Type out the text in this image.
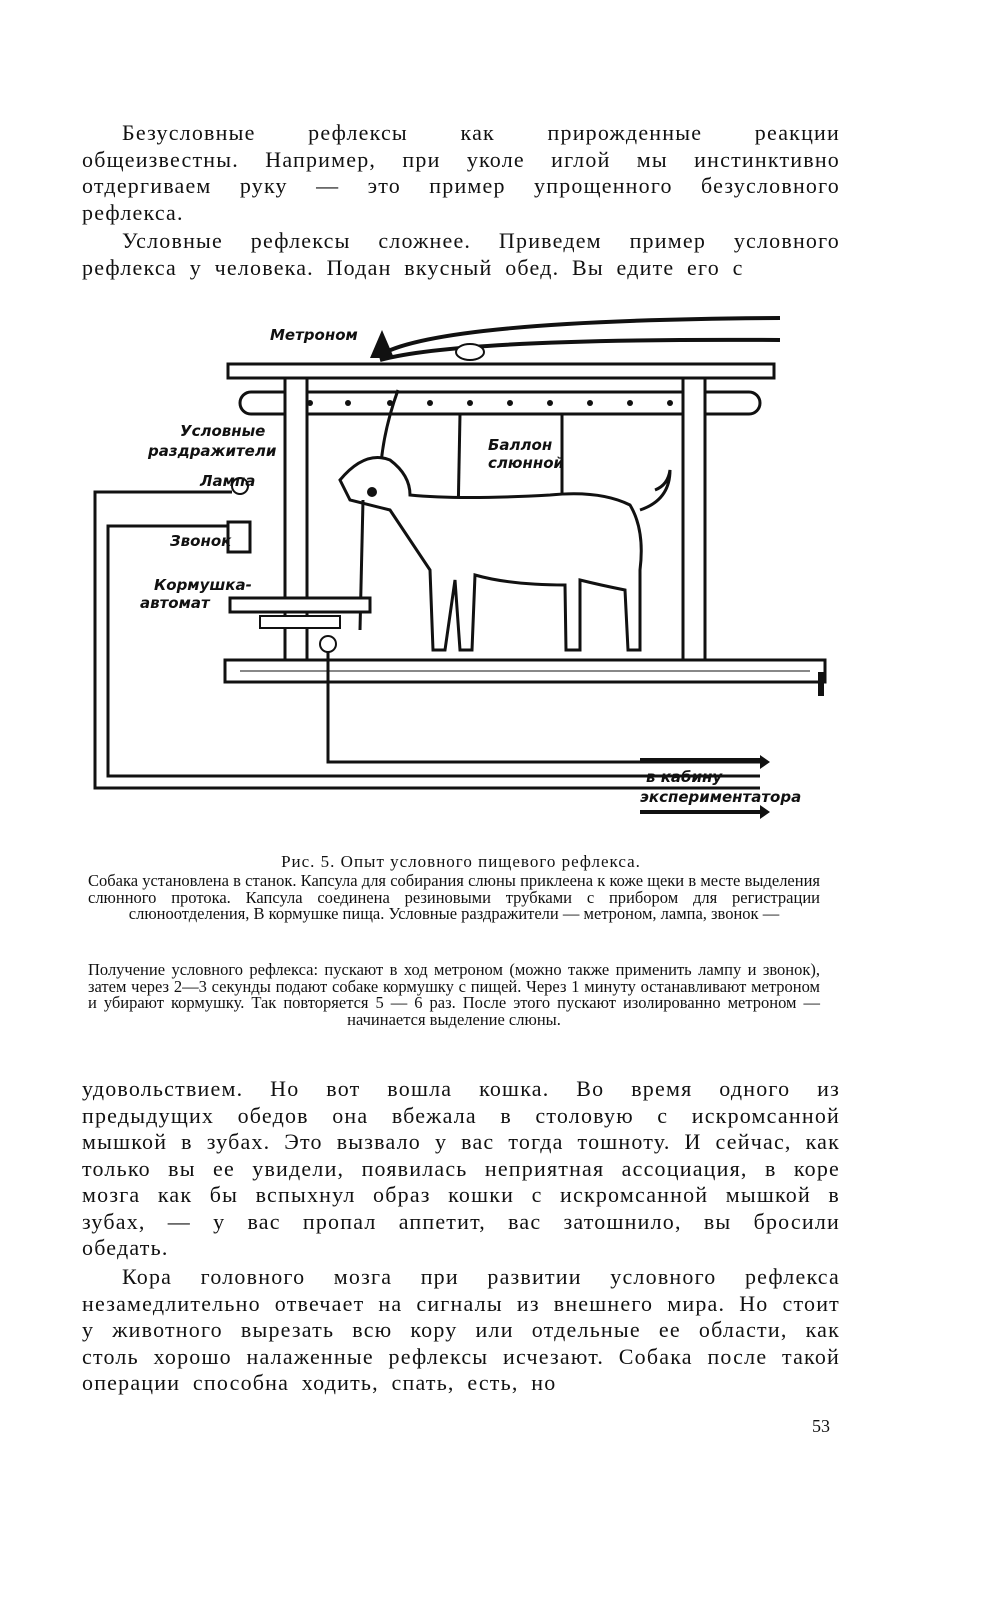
Безусловные рефлексы как прирожденные реакции общеизвестны. Например, при уколе иглой мы инстинктивно отдергиваем руку — это пример упрощенного безусловного рефлекса.

Условные рефлексы сложнее. Приведем пример условного рефлекса у человека. Подан вкусный обед. Вы едите его с

Метроном
Условные
раздражители
Лампа
Звонок
Кормушка-
автомат
Баллон
слюнной
в кабину
экспериментатора

Рис. 5. Опыт условного пищевого рефлекса.

Собака установлена в станок. Капсула для собирания слюны приклеена к коже щеки в месте выделения слюнного протока. Капсула соединена резиновыми трубками с прибором для регистрации слюноотделения, В кормушке пища. Условные раздражители — метроном, лампа, звонок —

Получение условного рефлекса: пускают в ход метроном (можно также применить лампу и звонок), затем через 2—3 секунды подают собаке кормушку с пищей. Через 1 минуту останавливают метроном и убирают кормушку. Так повторяется 5 — 6 раз. После этого пускают изолированно метроном — начинается выделение слюны.

удовольствием. Но вот вошла кошка. Во время одного из предыдущих обедов она вбежала в столовую с искромсанной мышкой в зубах. Это вызвало у вас тогда тошноту. И сейчас, как только вы ее увидели, появилась неприятная ассоциация, в коре мозга как бы вспыхнул образ кошки с искромсанной мышкой в зубах, — у вас пропал аппетит, вас затошнило, вы бросили обедать.

Кора головного мозга при развитии условного рефлекса незамедлительно отвечает на сигналы из внешнего мира. Но стоит у животного вырезать всю кору или отдельные ее области, как столь хорошо налаженные рефлексы исчезают. Собака после такой операции способна ходить, спать, есть, но

53
